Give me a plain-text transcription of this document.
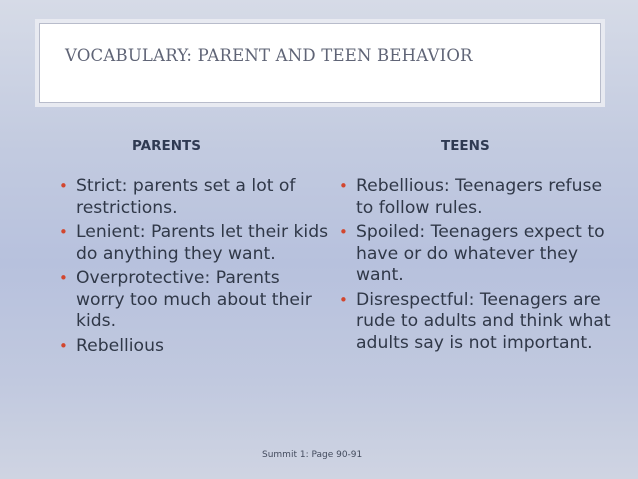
VOCABULARY: PARENT AND TEEN BEHAVIOR
PARENTS	TEENS
• Strict: parents set a lot of restrictions.
• Lenient: Parents let their kids do anything they want.
• Overprotective: Parents worry too much about their kids.
• Rebellious
• Rebellious: Teenagers refuse to follow rules.
• Spoiled: Teenagers expect to have or do whatever they want.
• Disrespectful: Teenagers are rude to adults and think what adults say is not important.
Summit 1: Page 90-91
